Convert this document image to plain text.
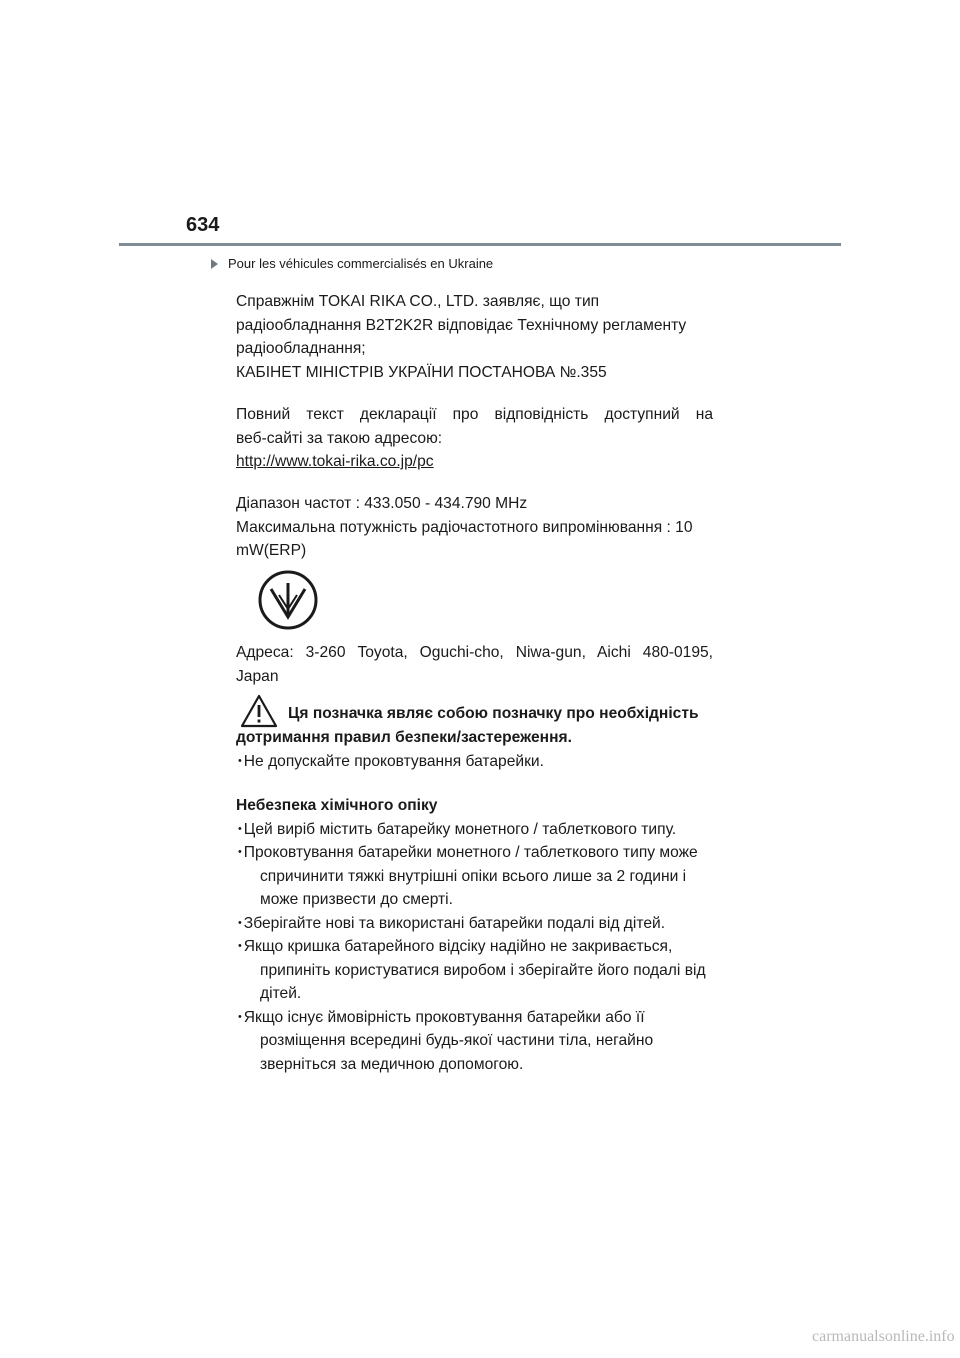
634
Pour les véhicules commercialisés en Ukraine

Справжнім TOKAI RIKA CO., LTD. заявляє, що тип

радіообладнання B2T2K2R відповідає Технічному регламенту

радіообладнання;

КАБІНЕТ МІНІСТРІВ УКРАЇНИ ПОСТАНОВА №.355

Повний текст декларації про відповідність доступний на

веб-сайті за такою адресою:

http://www.tokai-rika.co.jp/pc

Діапазон частот : 433.050 - 434.790 MHz

Максимальна потужність радіочастотного випромінювання : 10

mW(ERP)

Адреса: 3-260 Toyota, Oguchi-cho, Niwa-gun, Aichi 480-0195,

Japan

Ця позначка являє собою позначку про необхідність

дотримання правил безпеки/застереження.

･Не допускайте проковтування батарейки.

Небезпека хімічного опіку

･Цей виріб містить батарейку монетного / таблеткового типу.

･Проковтування батарейки монетного / таблеткового типу може

спричинити тяжкі внутрішні опіки всього лише за 2 години і

може призвести до смерті.

･Зберігайте нові та використані батарейки подалі від дітей.

･Якщо кришка батарейного відсіку надійно не закривається,

припиніть користуватися виробом і зберігайте його подалі від

дітей.

･Якщо існує ймовірність проковтування батарейки або її

розміщення всередині будь-якої частини тіла, негайно

зверніться за медичною допомогою.

carmanualsonline.info
